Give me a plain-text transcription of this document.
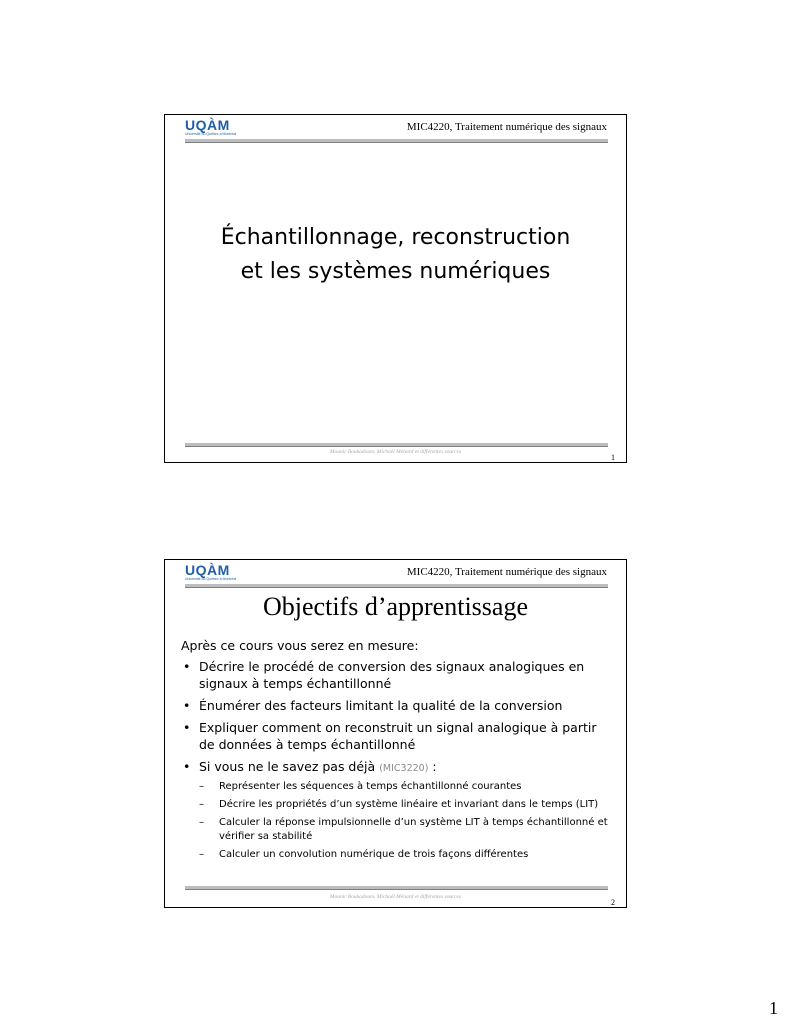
UQÀM
Université du Québec à Montréal
MIC4220, Traitement numérique des signaux
Échantillonnage, reconstruction
et les systèmes numériques
Mounir Boukadoum, Michaël Ménard et différentes sources
1
UQÀM
Université du Québec à Montréal
MIC4220, Traitement numérique des signaux
Objectifs d’apprentissage
Après ce cours vous serez en mesure:
• Décrire le procédé de conversion des signaux analogiques en signaux à temps échantillonné
• Énumérer des facteurs limitant la qualité de la conversion
• Expliquer comment on reconstruit un signal analogique à partir de données à temps échantillonné
• Si vous ne le savez pas déjà (MIC3220) :
– Représenter les séquences à temps échantillonné courantes
– Décrire les propriétés d’un système linéaire et invariant dans le temps (LIT)
– Calculer la réponse impulsionnelle d’un système LIT à temps échantillonné et vérifier sa stabilité
– Calculer un convolution numérique de trois façons différentes
Mounir Boukadoum, Michaël Ménard et différentes sources
2
1
